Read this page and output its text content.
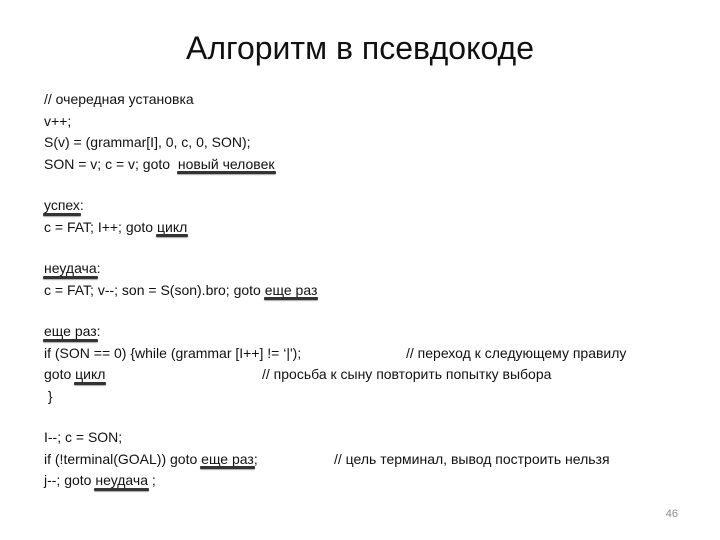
Алгоритм в псевдокоде
// очередная установка
v++;
S(v) = (grammar[I], 0, c, 0, SON);
SON = v; c = v; goto  новый человек
успех:
c = FAT; I++; goto цикл
неудача:
c = FAT; v--; son = S(son).bro; goto еще раз
еще раз:
if (SON == 0) {while (grammar [I++] != ‘|');	// переход к следующему правилу
goto цикл	// просьба к сыну повторить попытку выбора
}
I--; c = SON;
if (!terminal(GOAL)) goto еще раз;	// цель терминал, вывод построить нельзя
j--; goto неудача ;
46
